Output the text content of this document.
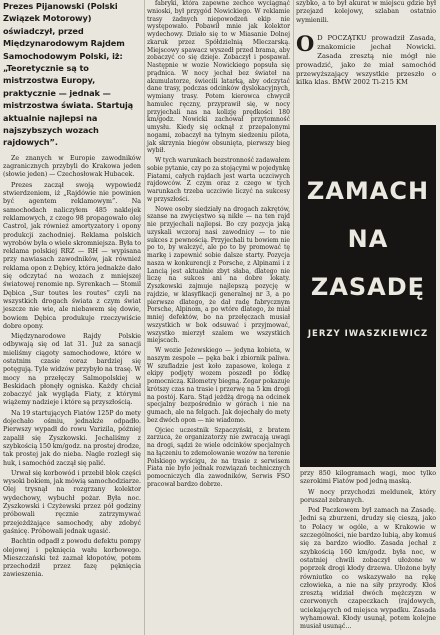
Prezes Pijanowski (Polski Związek Motorowy) oświadczył, przed Międzynarodowym Rajdem Samochodowym Polski, iż: „Teoretycznie są to mistrzostwa Europy, praktycznie — jednak — mistrzostwa świata. Startują aktualnie najlepsi na najszybszych wozach rajdowych”.

Ze znanych w Europie zawodników zagranicznych przybyli do Krakowa jeden (słowie jeden) — Czechosłowak Hubacek.

Prezes zaczął swoją wypowiedź stwierdzeniem, iż „Rajdówie nie powinien być agentem reklamowym”. Na samochodach naliczyłem 485 naklejek reklamowych, z czego 98 propagowało olej Castrol, jak również amortyzatory i opony produkcji zachodniej. Reklama polskich wyrobów była o wiele skromniejsza. Była to reklama polskiej RRZ — RH — wypisana przy nawiasach zawodników, jak również reklama opon z Dębicy, która jednakże dało się odczytać na wozach z mniejszej światowej renomie np. Syrenkach — Stomil Dębica „Sur toutes les routes” czyli na wszystkich drogach świata z czym świat jeszcze nie wie, ale niebawem się dowie, bowiem Dębica produkuje rzeczywiście dobre opony.

Międzynarodowe Rajdy Polskie odbywają się od lat 31. Już za sanacji mieliśmy ciągoty samochodowe, które w ostatnim czasie coraz bardziej się potęgują. Tyle widzów przybyło na trasę. W mocy na przełęczy Salmopolskiej w Beskidach płonęły ogniska. Każdy chciał zobaczyć jak wygląda Fiaty, z którymi wiążemy nadzieje i które są przyszłością.

Na 19 startujących Fiatów 125P do mety dojechało ośmiu, jednakże odpadło. Pierwszy wypadł do rowu Varizila, później zapalił się Zyszkowski. Jechaliśmy z szybkością 150 km/godz. na prostej drodze, tak prostej jak do nieba. Nagle rozległ się huk, i samochód zaczął się palić.

Urwał się korbowód i przebił blok części wysoki bokiem, jak mówią samochodziarze. Olej trysnął na rozgrzany kolektor wydechowy, wybuchł pożar. Była noc. Zyszkowski i Czyżewski przez pół godziny próbowali ręcznie zatrzymywać przejeżdżające samochody, aby zdobyć gaśnicę. Próbowali jednak ugasić.

Bachtin odpadł z powodu defektu pompy olejowej i pęknięcia wału korbowego. Mieszczański też zaznał kłopotów, potem przechodził przez fazę pęknięcia zawieszenia.

fabryki, która zapewne zechce wyciągnąć wnioski, był przygód Nowickiego. W reklamie trasy żadnych niepowodzeń ekip nie występowało. Pobawił mnie jak kolektor wydechowy. Działo się to w Miasanie Dolnej zkaruk przez Spółdzielnią Mleczarską. Miejscowy spawacz wyszedł przed brama, aby zobaczyć co się dzieje. Zobaczył i pospawał. Następnie w wozie Nowickiego popsuła się prądnica. W nocy jechał bez świateł na akumulatorze, świecili latarką, aby odczytać dane trasy, podczas odcinków dyslokacyjnych, wymiany trasy. Potem kierowca chwycił hamulec ręczny, przyprawił się, w nocy przyjechali nas na kolizję prędkości 180 km/godz. Nowicki zachował przytomność umysłu. Kiedy się ocknął z przepalonymi nogami, zobaczył na tylnym siedzeniu pilota, jak skrzynia biegów obsunięta, pierwszy bieg wybił.

W tych warunkach bezstronność zadawałem sobie pytanie, czy po za stojącymi w pojedynkę Fiatami, całych rajdach jest warta uczciwych rajdowców. Z czym oraz z czego w tych warunkach trzeba uczciwie liczyć na sukcesy w przyszłości.

Nowe osoby siedziały na drogach zakrętów, szanse na zwycięstwo są nikłe — na ten rajd nie przyjechali najlepsi. Bo czy pozycja jaką uzyskali wczoraj nasi zawodnicy — to nie sukces z pewnością. Przyjechali tu bowiem nie po to, by walczyć, ale po to by promować tę markę i zapewnić sobie dalsze starty. Pozycja nasza w konkurencji z Porsche, z Alpinami i z Lancią jest aktualnie zbyt słaba, dlatego nie liczę na sukces ani na dobre lokaty. Zyszkowski zajmuje najlepszą pozycję w rajdzie, w klasyfikacji generalnej nr 3, a po pierwsze dlatego, że dał radę fabrycznym Porsche, Alpinom, a po wtóre dlatego, że miał mniej defektów, bo na przełęczach musiał wszystkich w bok odsuwać i przyjmować, wszystko mierzył szalem we wszystkich miejscach.

W wozie Jeżewskiego — jedyna kobieta, w naszym zespole — pęka bak i zbiornik paliwa. W szufladzie jest koło zapasowe, kolega z ekipy podjęty wozem poszedł po łódkę pomocniczą. Kilometry biegną. Zegar pokazuje krótszy czas na trasie i przerwę na 5 km drogi na postój. Kara. Stąd jeżdżą drogą na odcinek specjalny bezpośrednio w górach i nie na gumach, ale na felgach. Jak dojechały do mety bez dwóch opon — nie wiadomo.

Ojciec uczestnik Szpaczyński, z bratem zarzuca, że organizatorzy nie zwracają uwagi na drogi, sądzi że wiele odcinków specjalnych na łączeniu to zdemolowanie wozów na terenie Polskiego wyścigu, że na trasie z serwisem Fiata nie było jednak rozwiązań technicznych pomocniczych dla zawodników, Serwis FSO pracował bardzo dobrze.

szybko, a to był akurat w miejscu gdzie był przejazd kolejowy, szlaban ostatnio wymienili.

O D POCZĄTKU prowadził Zasada, znakomicie jechał Nowicki. Zasada zresztą nie mógł nie prowadzić, jako że miał samochód przewyższający wszystkie przeszło o kilka klas. BMW 2002 Ti-215 KM

ZAMACH
NA
ZASADĘ
JERZY IWASZKIEWICZ

przy 850 kilogramach wagi, moc tylko szerokimi Fiatów pod jedną maską.

W nocy przychodzi meldunek, który poruszał zebranych.

Pod Paczkowem był zamach na Zasadę. Jedni są zburzeni, drudzy się cieszą, jako to Polacy w ogóle, a w Krakowie w szczególności, nie bardzo lubią, aby komuś się za bardzo wiodło. Zasada jechał z szybkością 160 km/godz. była noc, w ostatniej chwili zobaczył ułożone w poprzek drogi kłody drzewa. Ułożone były równiutko co wskazywało na rękę człowieka, a nie na siły przyrody. Kłoś zresztą widział dwóch mężczyzn w czerwonych czapeczkach (rajdowych, uciekających od miejsca wypadku. Zasada wyhamował. Kłody usunął, potem kolejne musiał usunąć...
